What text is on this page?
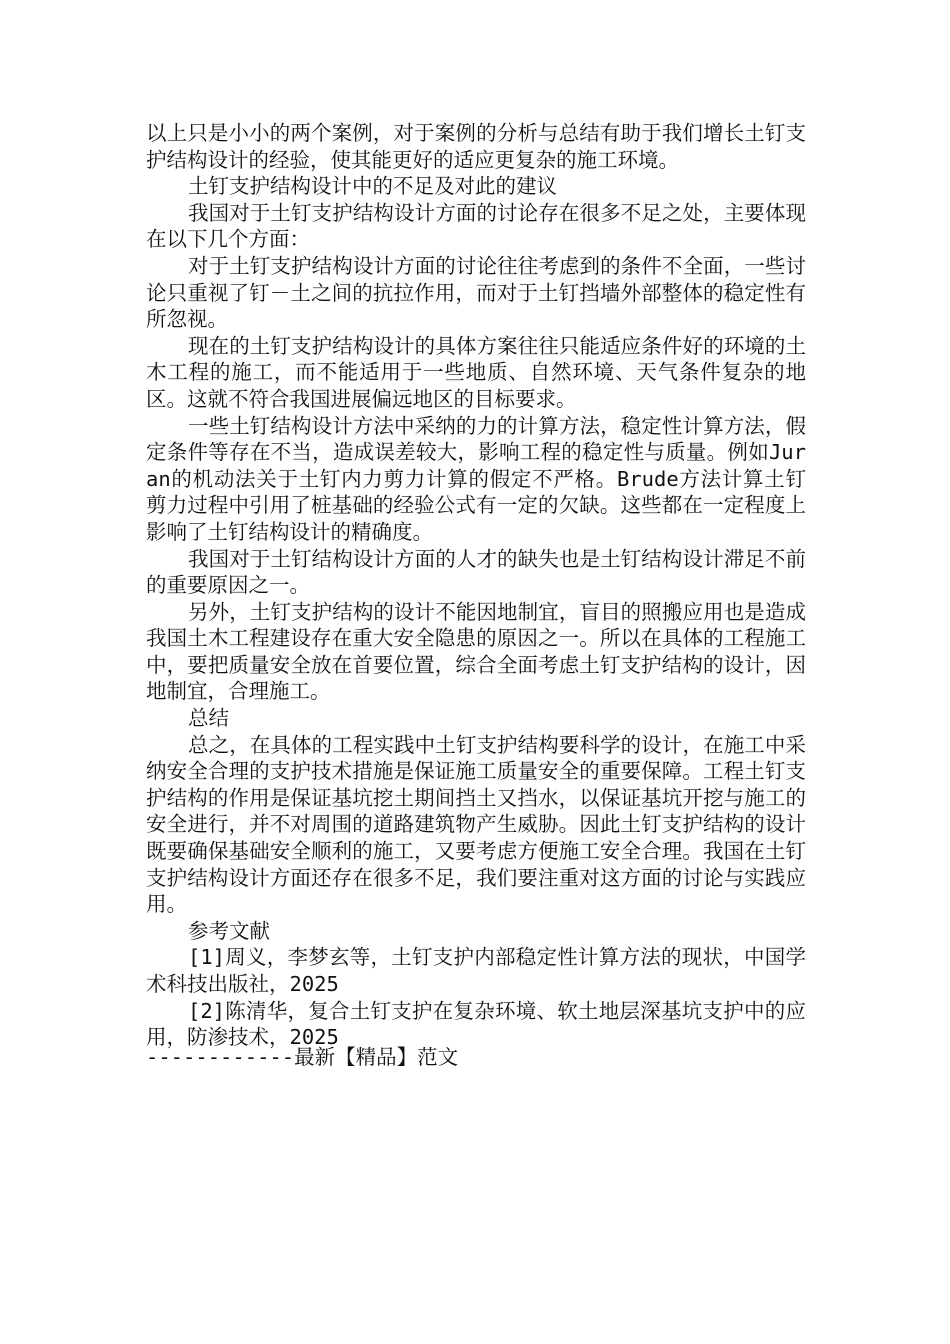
以上只是小小的两个案例，对于案例的分析与总结有助于我们增长土钉支护结构设计的经验，使其能更好的适应更复杂的施工环境。

土钉支护结构设计中的不足及对此的建议

我国对于土钉支护结构设计方面的讨论存在很多不足之处，主要体现在以下几个方面：

对于土钉支护结构设计方面的讨论往往考虑到的条件不全面，一些讨论只重视了钉－土之间的抗拉作用，而对于土钉挡墙外部整体的稳定性有所忽视。

现在的土钉支护结构设计的具体方案往往只能适应条件好的环境的土木工程的施工，而不能适用于一些地质、自然环境、天气条件复杂的地区。这就不符合我国进展偏远地区的目标要求。

一些土钉结构设计方法中采纳的力的计算方法，稳定性计算方法，假定条件等存在不当，造成误差较大，影响工程的稳定性与质量。例如Juran的机动法关于土钉内力剪力计算的假定不严格。Brude方法计算土钉剪力过程中引用了桩基础的经验公式有一定的欠缺。这些都在一定程度上影响了土钉结构设计的精确度。

我国对于土钉结构设计方面的人才的缺失也是土钉结构设计滞足不前的重要原因之一。

另外，土钉支护结构的设计不能因地制宜，盲目的照搬应用也是造成我国土木工程建设存在重大安全隐患的原因之一。所以在具体的工程施工中，要把质量安全放在首要位置，综合全面考虑土钉支护结构的设计，因地制宜，合理施工。

总结

总之，在具体的工程实践中土钉支护结构要科学的设计，在施工中采纳安全合理的支护技术措施是保证施工质量安全的重要保障。工程土钉支护结构的作用是保证基坑挖土期间挡土又挡水，以保证基坑开挖与施工的安全进行，并不对周围的道路建筑物产生威胁。因此土钉支护结构的设计既要确保基础安全顺利的施工，又要考虑方便施工安全合理。我国在土钉支护结构设计方面还存在很多不足，我们要注重对这方面的讨论与实践应用。

参考文献

[1]周义，李梦玄等，土钉支护内部稳定性计算方法的现状，中国学术科技出版社，2025

[2]陈清华，复合土钉支护在复杂环境、软土地层深基坑支护中的应用，防渗技术，2025

------------最新【精品】范文
